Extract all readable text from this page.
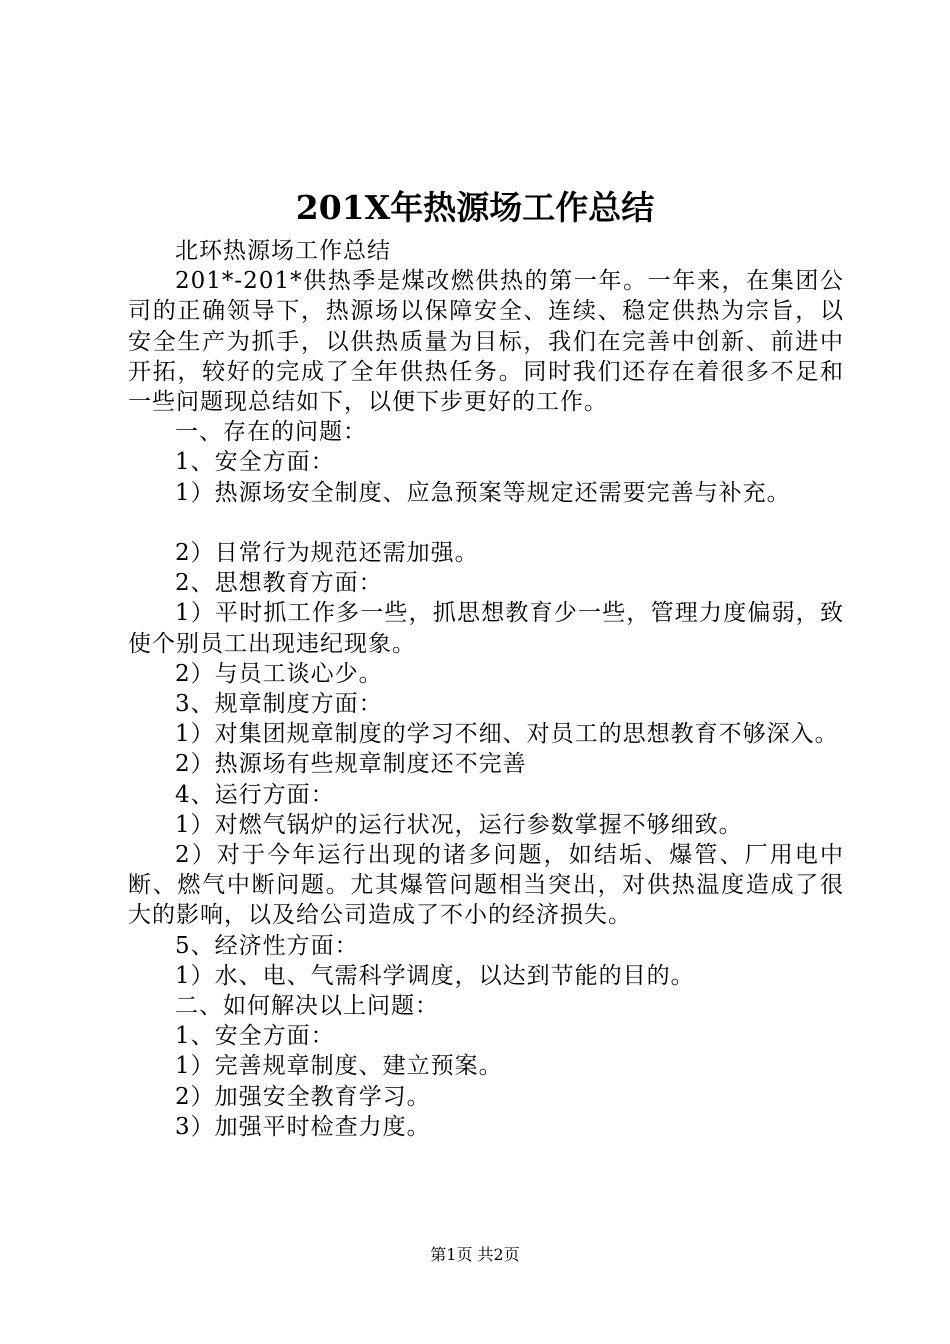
201X年热源场工作总结

北环热源场工作总结

201*-201*供热季是煤改燃供热的第一年。一年来，在集团公司的正确领导下，热源场以保障安全、连续、稳定供热为宗旨，以安全生产为抓手，以供热质量为目标，我们在完善中创新、前进中开拓，较好的完成了全年供热任务。同时我们还存在着很多不足和一些问题现总结如下，以便下步更好的工作。

一、存在的问题：

1、安全方面：

1）热源场安全制度、应急预案等规定还需要完善与补充。

2）日常行为规范还需加强。

2、思想教育方面：

1）平时抓工作多一些，抓思想教育少一些，管理力度偏弱，致使个别员工出现违纪现象。

2）与员工谈心少。

3、规章制度方面：

1）对集团规章制度的学习不细、对员工的思想教育不够深入。

2）热源场有些规章制度还不完善

4、运行方面：

1）对燃气锅炉的运行状况，运行参数掌握不够细致。

2）对于今年运行出现的诸多问题，如结垢、爆管、厂用电中断、燃气中断问题。尤其爆管问题相当突出，对供热温度造成了很大的影响，以及给公司造成了不小的经济损失。

5、经济性方面：

1）水、电、气需科学调度，以达到节能的目的。

二、如何解决以上问题：

1、安全方面：

1）完善规章制度、建立预案。

2）加强安全教育学习。

3）加强平时检查力度。

第1页 共2页
